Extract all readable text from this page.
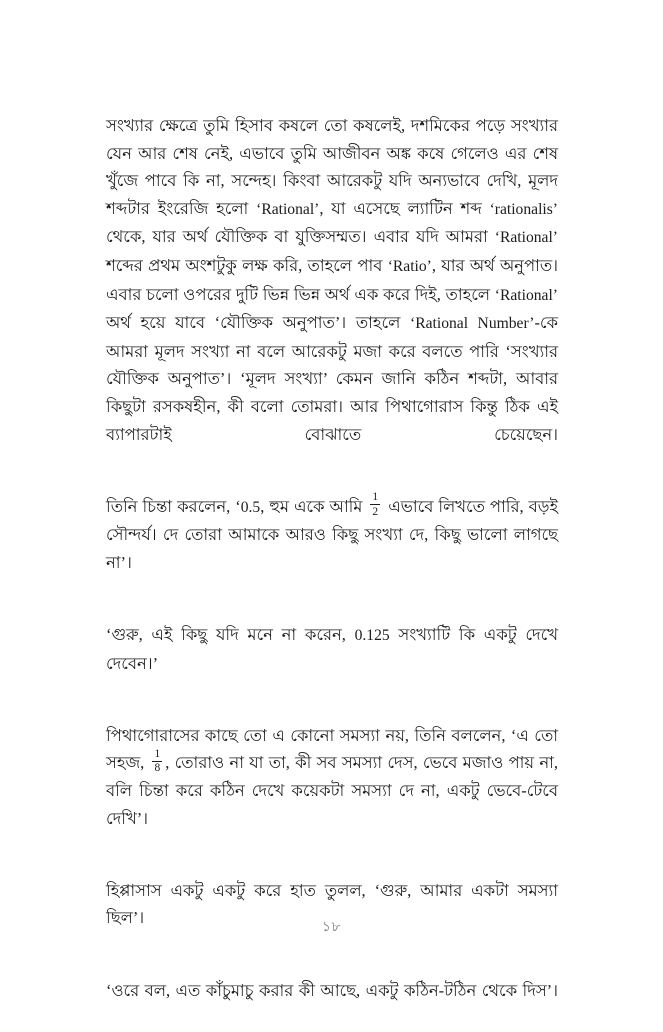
সংখ্যার ক্ষেত্রে তুমি হিসাব কষলে তো কষলেই, দশমিকের পড়ে সংখ্যার যেন আর শেষ নেই, এভাবে তুমি আজীবন অঙ্ক কষে গেলেও এর শেষ খুঁজে পাবে কি না, সন্দেহ। কিংবা আরেকটু যদি অন্যভাবে দেখি, মূলদ শব্দটার ইংরেজি হলো ‘Rational’, যা এসেছে ল্যাটিন শব্দ ‘rationalis’ থেকে, যার অর্থ যৌক্তিক বা যুক্তিসম্মত। এবার যদি আমরা ‘Rational’ শব্দের প্রথম অংশটুকু লক্ষ করি, তাহলে পাব ‘Ratio’, যার অর্থ অনুপাত। এবার চলো ওপরের দুটি ভিন্ন ভিন্ন অর্থ এক করে দিই, তাহলে ‘Rational’ অর্থ হয়ে যাবে ‘যৌক্তিক অনুপাত’। তাহলে ‘Rational Number’-কে আমরা মূলদ সংখ্যা না বলে আরেকটু মজা করে বলতে পারি ‘সংখ্যার যৌক্তিক অনুপাত’। ‘মূলদ সংখ্যা’ কেমন জানি কঠিন শব্দটা, আবার কিছুটা রসকষহীন, কী বলো তোমরা। আর পিথাগোরাস কিন্তু ঠিক এই ব্যাপারটাই বোঝাতে চেয়েছেন।

তিনি চিন্তা করলেন, ‘0.5, হুম একে আমি $\frac{1}{2}$ এভাবে লিখতে পারি, বড়ই সৌন্দর্য। দে তোরা আমাকে আরও কিছু সংখ্যা দে, কিছু ভালো লাগছে না’।

‘গুরু, এই কিছু যদি মনে না করেন, 0.125 সংখ্যাটি কি একটু দেখে দেবেন।’

পিথাগোরাসের কাছে তো এ কোনো সমস্যা নয়, তিনি বললেন, ‘এ তো সহজ, $\frac{1}{8}$ , তোরাও না যা তা, কী সব সমস্যা দেস, ভেবে মজাও পায় না, বলি চিন্তা করে কঠিন দেখে কয়েকটা সমস্যা দে না, একটু ভেবে-টেবে দেখি’।

হিপ্পাসাস একটু একটু করে হাত তুলল, ‘গুরু, আমার একটা সমস্যা ছিল’।

‘ওরে বল, এত কাঁচুমাচু করার কী আছে, একটু কঠিন-টঠিন থেকে দিস’।

১৮
